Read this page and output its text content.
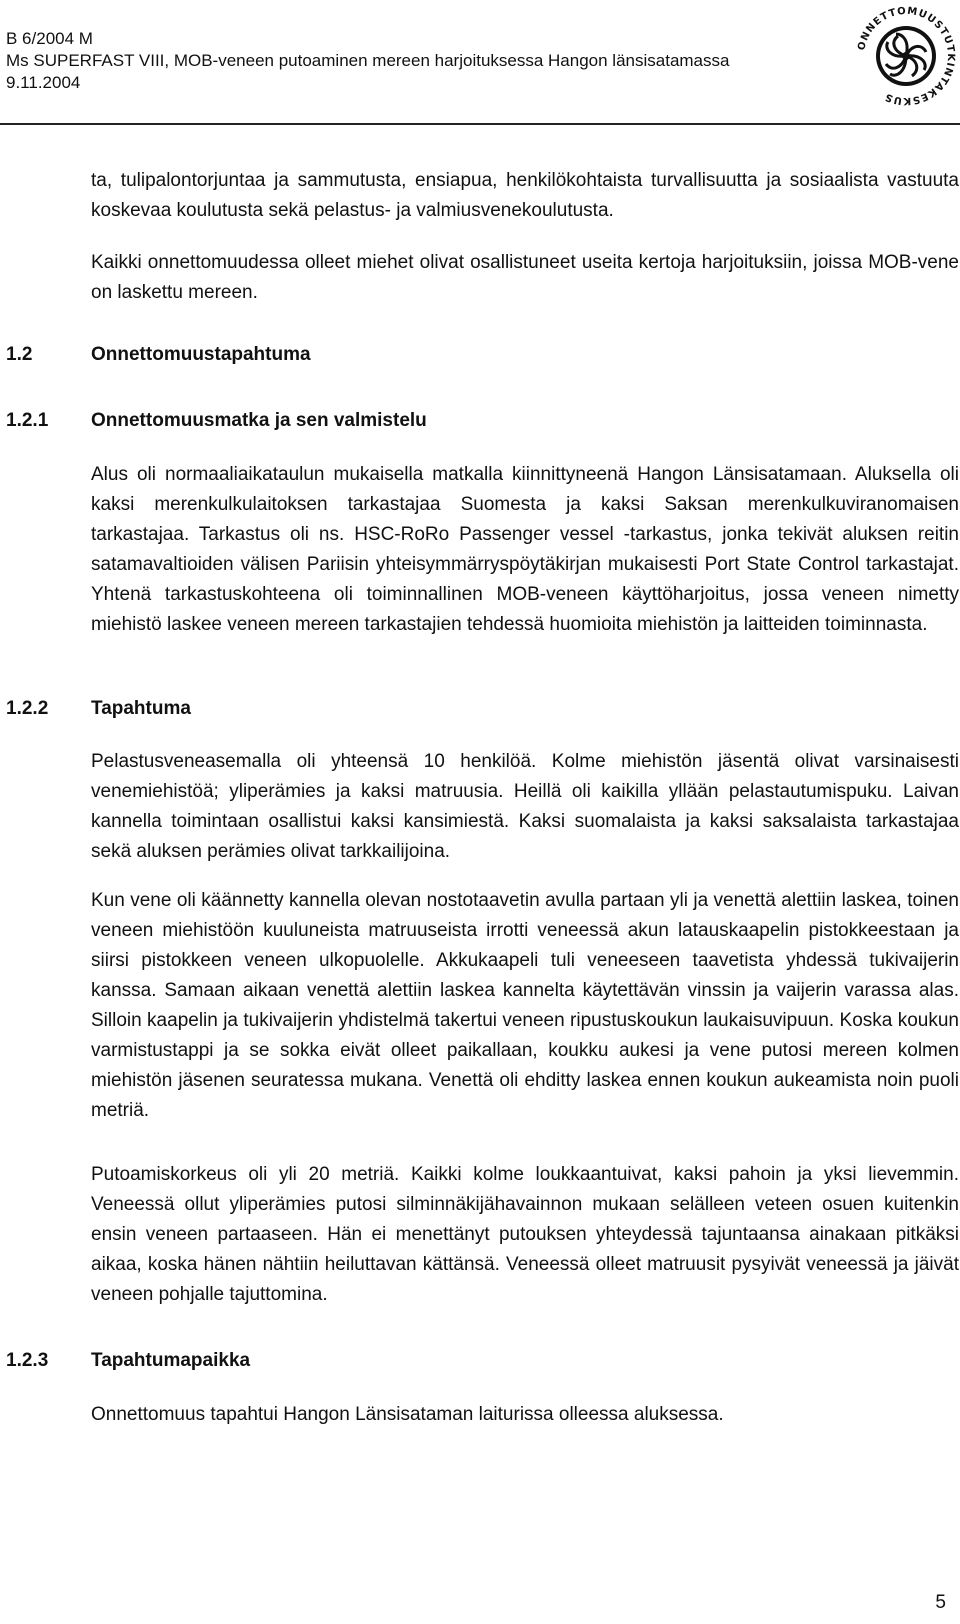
B 6/2004 M
Ms SUPERFAST VIII, MOB-veneen putoaminen mereen harjoituksessa Hangon länsisatamassa
9.11.2004
ONNETTOMUUSTUTKINTAKESKUS

ta, tulipalontorjuntaa ja sammutusta, ensiapua, henkilökohtaista turvallisuutta ja sosiaalista vastuuta koskevaa koulutusta sekä pelastus- ja valmiusvenekoulutusta.

Kaikki onnettomuudessa olleet miehet olivat osallistuneet useita kertoja harjoituksiin, joissa MOB-vene on laskettu mereen.

1.2	Onnettomuustapahtuma
1.2.1 Onnettomuusmatka ja sen valmistelu

Alus oli normaaliaikataulun mukaisella matkalla kiinnittyneenä Hangon Länsisatamaan. Aluksella oli kaksi merenkulkulaitoksen tarkastajaa Suomesta ja kaksi Saksan merenkulkuviranomaisen tarkastajaa. Tarkastus oli ns. HSC-RoRo Passenger vessel -tarkastus, jonka tekivät aluksen reitin satamavaltioiden välisen Pariisin yhteisymmärryspöytäkirjan mukaisesti Port State Control tarkastajat. Yhtenä tarkastuskohteena oli toiminnallinen MOB-veneen käyttöharjoitus, jossa veneen nimetty miehistö laskee veneen mereen tarkastajien tehdessä huomioita miehistön ja laitteiden toiminnasta.

1.2.2 Tapahtuma

Pelastusveneasemalla oli yhteensä 10 henkilöä. Kolme miehistön jäsentä olivat varsinaisesti venemiehistöä; yliperämies ja kaksi matruusia. Heillä oli kaikilla yllään pelastautumispuku. Laivan kannella toimintaan osallistui kaksi kansimiestä. Kaksi suomalaista ja kaksi saksalaista tarkastajaa sekä aluksen perämies olivat tarkkailijoina.

Kun vene oli käännetty kannella olevan nostotaavetin avulla partaan yli ja venettä alettiin laskea, toinen veneen miehistöön kuuluneista matruuseista irrotti veneessä akun latauskaapelin pistokkeestaan ja siirsi pistokkeen veneen ulkopuolelle. Akkukaapeli tuli veneeseen taavetista yhdessä tukivaijerin kanssa. Samaan aikaan venettä alettiin laskea kannelta käytettävän vinssin ja vaijerin varassa alas. Silloin kaapelin ja tukivaijerin yhdistelmä takertui veneen ripustuskoukun laukaisuvipuun. Koska koukun varmistustappi ja se sokka eivät olleet paikallaan, koukku aukesi ja vene putosi mereen kolmen miehistön jäsenen seuratessa mukana. Venettä oli ehditty laskea ennen koukun aukeamista noin puoli metriä.

Putoamiskorkeus oli yli 20 metriä. Kaikki kolme loukkaantuivat, kaksi pahoin ja yksi lievemmin. Veneessä ollut yliperämies putosi silminnäkijähavainnon mukaan selälleen veteen osuen kuitenkin ensin veneen partaaseen. Hän ei menettänyt putouksen yhteydessä tajuntaansa ainakaan pitkäksi aikaa, koska hänen nähtiin heiluttavan kättänsä. Veneessä olleet matruusit pysyivät veneessä ja jäivät veneen pohjalle tajuttomina.

1.2.3 Tapahtumapaikka

Onnettomuus tapahtui Hangon Länsisataman laiturissa olleessa aluksessa.

5
